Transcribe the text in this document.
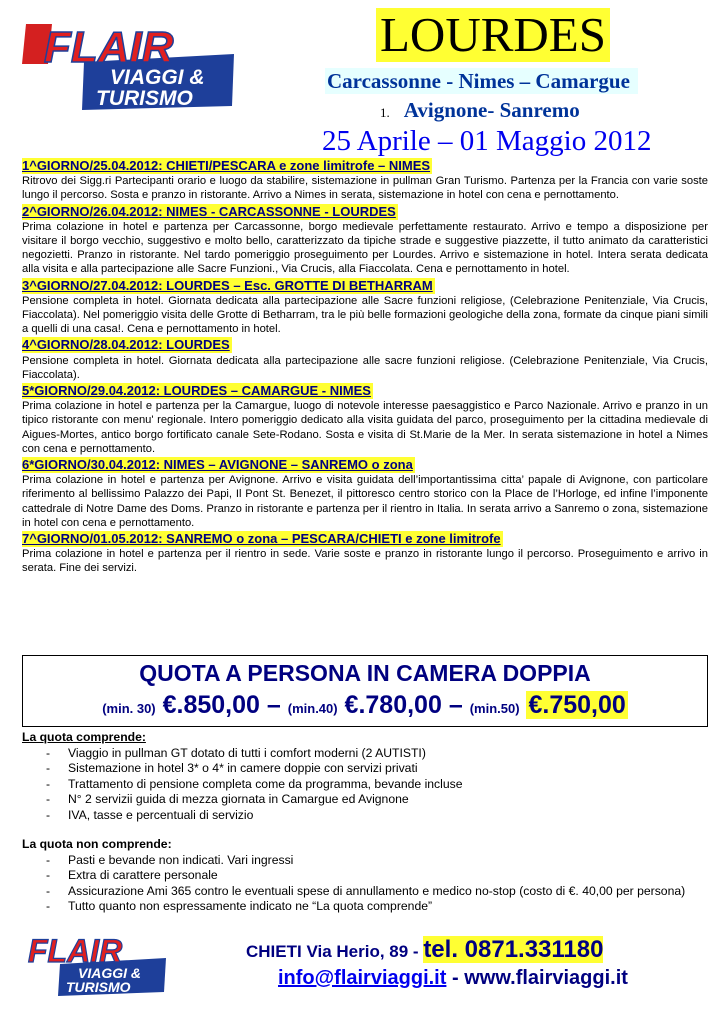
FLAIR
VIAGGI &
TURISMO
LOURDES
Carcassonne - Nimes – Camargue
1. Avignone- Sanremo
25 Aprile – 01 Maggio 2012
1^GIORNO/25.04.2012: CHIETI/PESCARA e zone limitrofe – NIMES
Ritrovo dei Sigg.ri Partecipanti orario e luogo da stabilire, sistemazione in pullman Gran Turismo. Partenza per la Francia con varie soste lungo il percorso. Sosta e pranzo in ristorante. Arrivo a Nimes in serata, sistemazione in hotel con cena e pernottamento.
2^GIORNO/26.04.2012: NIMES - CARCASSONNE - LOURDES
Prima colazione in hotel e partenza per Carcassonne, borgo medievale perfettamente restaurato. Arrivo e tempo a disposizione per visitare il borgo vecchio, suggestivo e molto bello, caratterizzato da tipiche strade e suggestive piazzette, il tutto animato da caratteristici negozietti. Pranzo in ristorante. Nel tardo pomeriggio proseguimento per Lourdes. Arrivo e sistemazione in hotel. Intera serata dedicata alla visita e alla partecipazione alle Sacre Funzioni., Via Crucis, alla Fiaccolata. Cena e pernottamento in hotel.
3^GIORNO/27.04.2012: LOURDES – Esc. GROTTE DI BETHARRAM
Pensione completa in hotel. Giornata dedicata alla partecipazione alle Sacre funzioni religiose, (Celebrazione Penitenziale, Via Crucis, Fiaccolata). Nel pomeriggio visita delle Grotte di Betharram, tra le più belle formazioni geologiche della zona, formate da cinque piani simili a quelli di una casa!. Cena e pernottamento in hotel.
4^GIORNO/28.04.2012: LOURDES
Pensione completa in hotel. Giornata dedicata alla partecipazione alle sacre funzioni religiose. (Celebrazione Penitenziale, Via Crucis, Fiaccolata).
5*GIORNO/29.04.2012: LOURDES – CAMARGUE - NIMES
Prima colazione in hotel e partenza per la Camargue, luogo di notevole interesse paesaggistico e Parco Nazionale. Arrivo e pranzo in un tipico ristorante con menu' regionale. Intero pomeriggio dedicato alla visita guidata del parco, proseguimento per la cittadina medievale di Aigues-Mortes, antico borgo fortificato canale Sete-Rodano. Sosta e visita di St.Marie de la Mer. In serata sistemazione in hotel a Nimes con cena e pernottamento.
6*GIORNO/30.04.2012: NIMES – AVIGNONE – SANREMO o zona
Prima colazione in hotel e partenza per Avignone. Arrivo e visita guidata dell’importantissima citta’ papale di Avignone, con particolare riferimento al bellissimo Palazzo dei Papi, Il Pont St. Benezet, il pittoresco centro storico con la Place de l’Horloge, ed infine l’imponente cattedrale di Notre Dame des Doms. Pranzo in ristorante e partenza per il rientro in Italia. In serata arrivo a Sanremo o zona, sistemazione in hotel con cena e pernottamento.
7^GIORNO/01.05.2012: SANREMO o zona – PESCARA/CHIETI e zone limitrofe
Prima colazione in hotel e partenza per il rientro in sede. Varie soste e pranzo in ristorante lungo il percorso. Proseguimento e arrivo in serata. Fine dei servizi.
QUOTA A PERSONA IN CAMERA DOPPIA
(min. 30) €.850,00 – (min.40) €.780,00 – (min.50) €.750,00
La quota comprende:
- Viaggio in pullman GT dotato di tutti i comfort moderni (2 AUTISTI)
- Sistemazione in hotel 3* o 4* in camere doppie con servizi privati
- Trattamento di pensione completa come da programma, bevande incluse
- N° 2 servizii guida di mezza giornata in Camargue ed Avignone
- IVA, tasse e percentuali di servizio
La quota non comprende:
- Pasti e bevande non indicati. Vari ingressi
- Extra di carattere personale
- Assicurazione Ami 365 contro le eventuali spese di annullamento e medico no-stop (costo di €. 40,00 per persona)
- Tutto quanto non espressamente indicato ne “La quota comprende”
FLAIR
VIAGGI &
TURISMO
CHIETI Via Herio, 89 - tel. 0871.331180
info@flairviaggi.it - www.flairviaggi.it
